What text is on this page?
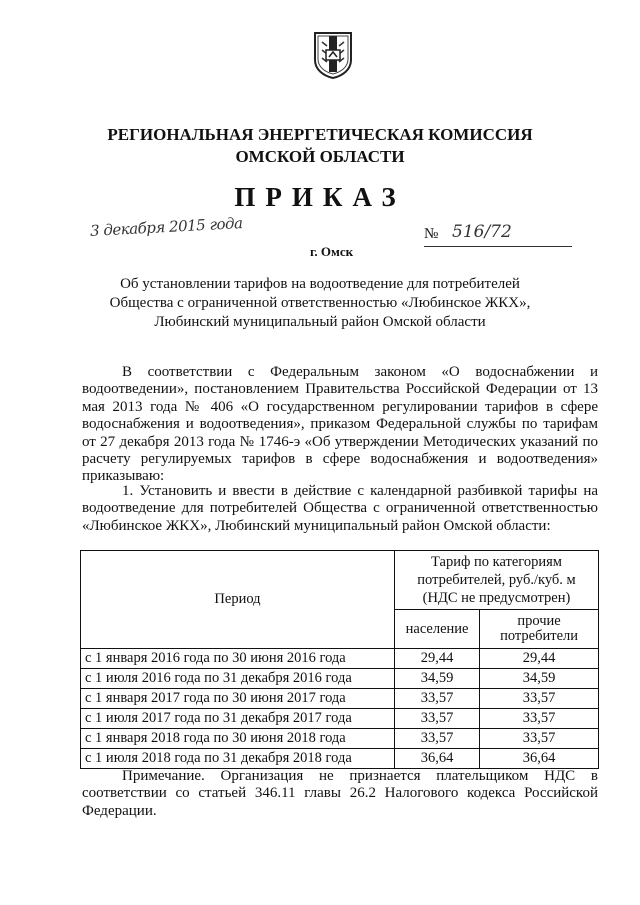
РЕГИОНАЛЬНАЯ ЭНЕРГЕТИЧЕСКАЯ КОМИССИЯ
ОМСКОЙ ОБЛАСТИ
ПРИКАЗ
3 декабря 2015 года	№ 516/72
г. Омск
Об установлении тарифов на водоотведение для потребителей
Общества с ограниченной ответственностью «Любинское ЖКХ»,
Любинский муниципальный район Омской области
В соответствии с Федеральным законом «О водоснабжении и водоотведении», постановлением Правительства Российской Федерации от 13 мая 2013 года № 406 «О государственном регулировании тарифов в сфере водоснабжения и водоотведения», приказом Федеральной службы по тарифам от 27 декабря 2013 года № 1746-э «Об утверждении Методических указаний по расчету регулируемых тарифов в сфере водоснабжения и водоотведения» приказываю:
1. Установить и ввести в действие с календарной разбивкой тарифы на водоотведение для потребителей Общества с ограниченной ответственностью «Любинское ЖКХ», Любинский муниципальный район Омской области:
Период	Тариф по категориям потребителей, руб./куб. м (НДС не предусмотрен)	
	население	прочие потребители
с 1 января 2016 года по 30 июня 2016 года	29,44	29,44
с 1 июля 2016 года по 31 декабря 2016 года	34,59	34,59
с 1 января 2017 года по 30 июня 2017 года	33,57	33,57
с 1 июля 2017 года по 31 декабря 2017 года	33,57	33,57
с 1 января 2018 года по 30 июня 2018 года	33,57	33,57
с 1 июля 2018 года по 31 декабря 2018 года	36,64	36,64
Примечание. Организация не признается плательщиком НДС в соответствии со статьей 346.11 главы 26.2 Налогового кодекса Российской Федерации.
